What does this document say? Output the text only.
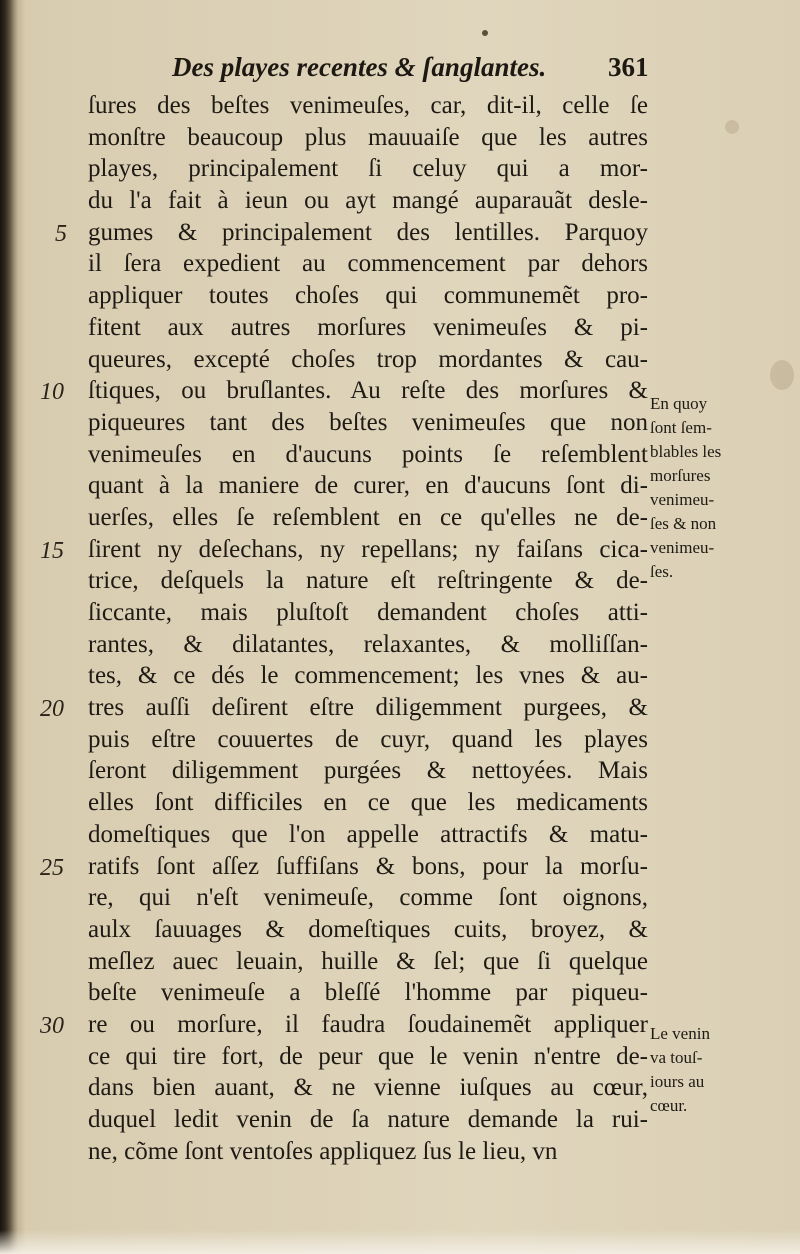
Des playes recentes & ſanglantes.	361
ſures des beſtes venimeuſes, car, dit-il, celle ſe
monſtre beaucoup plus mauuaiſe que les autres
playes, principalement ſi celuy qui a mor-
du l'a fait à ieun ou ayt mangé auparauãt desle-
gumes & principalement des lentilles. Parquoy
il ſera expedient au commencement par dehors
appliquer toutes choſes qui communemẽt pro-
fitent aux autres morſures venimeuſes & pi-
queures, excepté choſes trop mordantes & cau-
ſtiques, ou bruſlantes. Au reſte des morſures &
piqueures tant des beſtes venimeuſes que non
venimeuſes en d'aucuns points ſe reſemblent
quant à la maniere de curer, en d'aucuns ſont di-
uerſes, elles ſe reſemblent en ce qu'elles ne de-
ſirent ny deſechans, ny repellans; ny faiſans cica-
trice, deſquels la nature eſt reſtringente & de-
ſiccante, mais pluſtoſt demandent choſes atti-
rantes, & dilatantes, relaxantes, & molliſſan-
tes, & ce dés le commencement; les vnes & au-
tres auſſi deſirent eſtre diligemment purgees, &
puis eſtre couuertes de cuyr, quand les playes
ſeront diligemment purgées & nettoyées. Mais
elles ſont difficiles en ce que les medicaments
domeſtiques que l'on appelle attractifs & matu-
ratifs ſont aſſez ſuffiſans & bons, pour la morſu-
re, qui n'eſt venimeuſe, comme ſont oignons,
aulx ſauuages & domeſtiques cuits, broyez, &
meſlez auec leuain, huille & ſel; que ſi quelque
beſte venimeuſe a bleſſé l'homme par piqueu-
re ou morſure, il faudra ſoudainemẽt appliquer
ce qui tire fort, de peur que le venin n'entre de-
dans bien auant, & ne vienne iuſques au cœur,
duquel ledit venin de ſa nature demande la rui-
ne, cõme ſont ventoſes appliquez ſus le lieu, vn
5
10
15
20
25
30
En quoy
ſont ſem-
blables les
morſures
venimeu-
ſes & non
venimeu-
ſes.
Le venin
va touſ-
iours au
cœur.
